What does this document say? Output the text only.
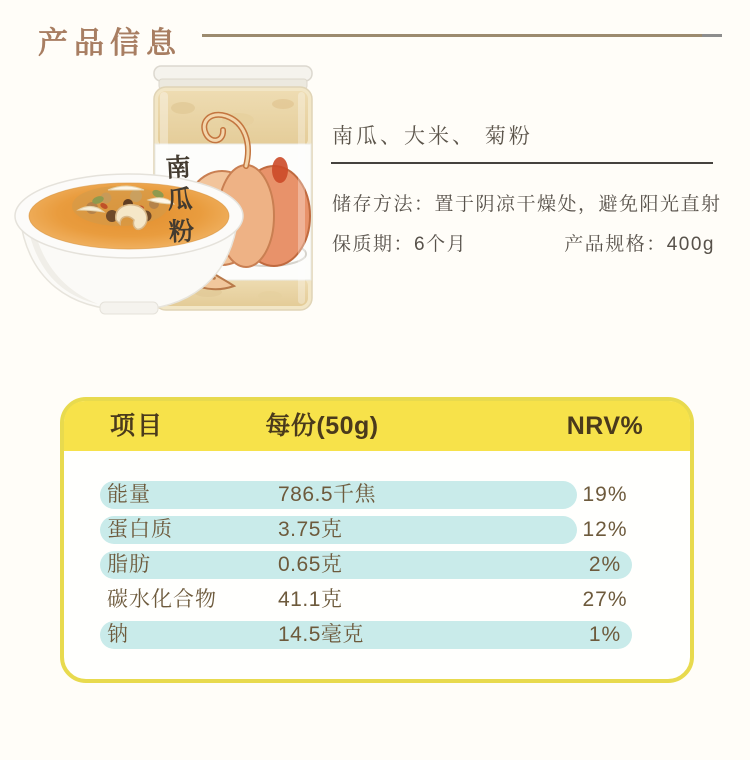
产品信息
南瓜粉
南瓜、大米、 菊粉
储存方法：置于阴凉干燥处，避免阳光直射
保质期：6个月	产品规格：400g
项目	每份(50g)	NRV%
能量	786.5千焦	19%
蛋白质	3.75克	12%
脂肪	0.65克	2%
碳水化合物	41.1克	27%
钠	14.5毫克	1%
